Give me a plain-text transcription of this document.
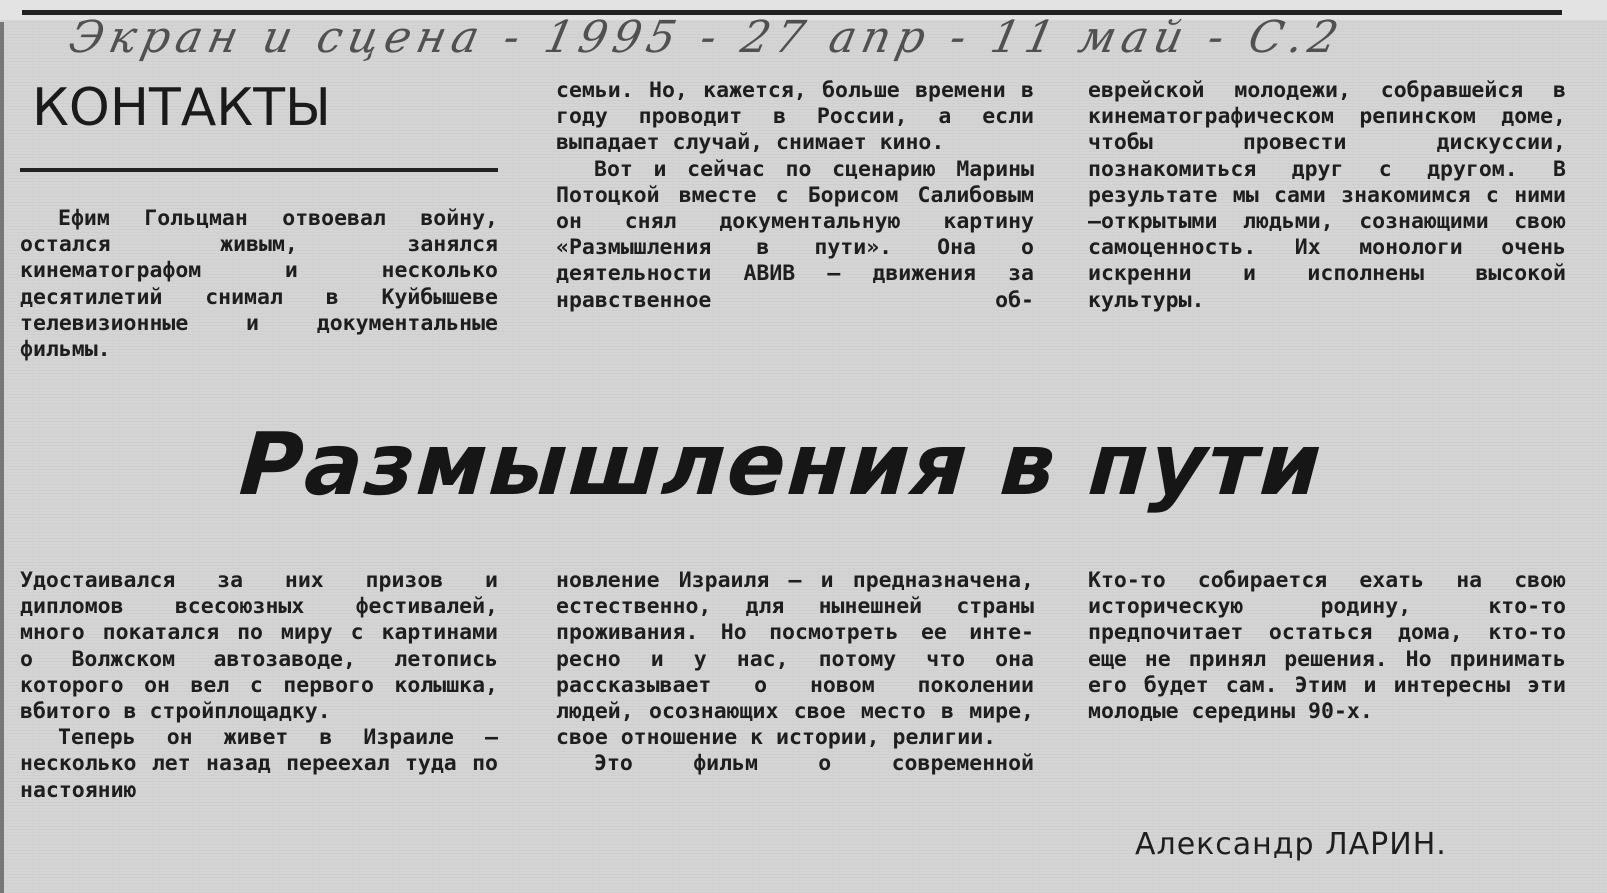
Экран и сцена - 1995 - 27 апр - 11 май - С.2
КОНТАКТЫ

Ефим Гольцман отвоевал войну, остался живым, занялся кинематографом и несколько десятилетий снимал в Куйбышеве телевизионные и документальные фильмы.

семьи. Но, кажется, больше времени в году проводит в России, а если выпадает случай, снимает кино.

Вот и сейчас по сценарию Марины Потоцкой вместе с Борисом Салибовым он снял документальную картину «Размышления в пути». Она о деятельности АВИВ — движения за нравственное об-

еврейской молодежи, собравшейся в кинематографическом репинском доме, чтобы провести дискуссии, познакомиться друг с другом. В результате мы сами знакомимся с ними—открытыми людьми, сознающими свою самоценность. Их монологи очень искренни и исполнены высокой культуры.

Размышления в пути

Удостаивался за них призов и дипломов всесоюзных фестивалей, много покатался по миру с картинами о Волжском автозаводе, летопись которого он вел с первого колышка, вбитого в стройплощадку.

Теперь он живет в Израиле — несколько лет назад переехал туда по настоянию

новление Израиля — и предназначена, естественно, для нынешней страны проживания. Но посмотреть ее интересно и у нас, потому что она рассказывает о новом поколении людей, осознающих свое место в мире, свое отношение к истории, религии.

Это фильм о современной

Кто-то собирается ехать на свою историческую родину, кто-то предпочитает остаться дома, кто-то еще не принял решения. Но принимать его будет сам. Этим и интересны эти молодые середины 90-х.

Александр ЛАРИН.
